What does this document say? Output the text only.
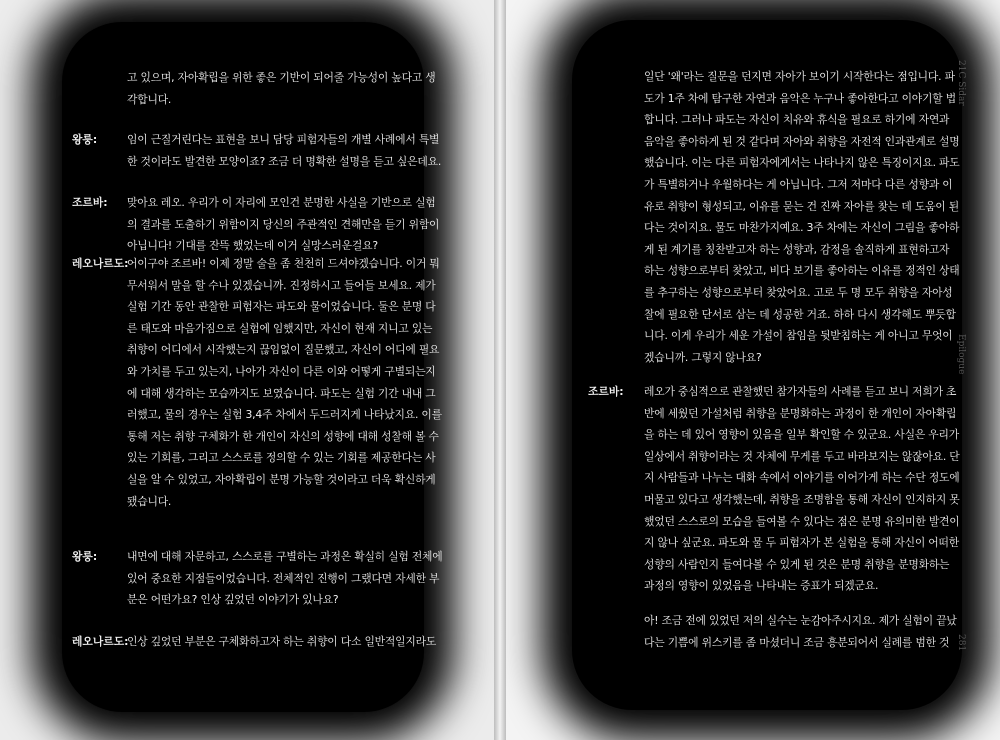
고 있으며, 자아확립을 위한 좋은 기반이 되어줄 가능성이 높다고 생
각합니다.
왕룽:	임이 근질거린다는 표현을 보니 담당 피험자들의 개별 사례에서 특별
한 것이라도 발견한 모양이죠? 조금 더 명확한 설명을 듣고 싶은데요.
조르바: 맞아요 레오. 우리가 이 자리에 모인건 분명한 사실을 기반으로 실험
의 결과를 도출하기 위함이지 당신의 주관적인 견해만을 듣기 위함이
아닙니다! 기대를 잔뜩 했었는데 이거 실망스러운걸요?
레오나르도:
어이구야 조르바! 이제 정말 술을 좀 천천히 드셔야겠습니다. 이거 뭐
무서워서 말을 할 수나 있겠습니까. 진정하시고 들어들 보세요. 제가
실험 기간 동안 관찰한 피험자는 파도와 물이었습니다. 둘은 분명 다
른 태도와 마음가짐으로 실험에 임했지만, 자신이 현재 지니고 있는
취향이 어디에서 시작했는지 끊임없이 질문했고, 자신이 어디에 필요
와 가치를 두고 있는지, 나아가 자신이 다른 이와 어떻게 구별되는지
에 대해 생각하는 모습까지도 보였습니다. 파도는 실험 기간 내내 그
러했고, 물의 경우는 실험 3,4주 차에서 두드러지게 나타났지요. 이를
통해 저는 취향 구체화가 한 개인이 자신의 성향에 대해 성찰해 볼 수
있는 기회를, 그리고 스스로를 정의할 수 있는 기회를 제공한다는 사
실을 알 수 있었고, 자아확립이 분명 가능할 것이라고 더욱 확신하게
됐습니다.
왕룽:	내면에 대해 자문하고, 스스로를 구별하는 과정은 확실히 실험 전체에
있어 중요한 지점들이었습니다. 전체적인 진행이 그랬다면 자세한 부
분은 어떤가요? 인상 깊었던 이야기가 있나요?
레오나르도:
인상 깊었던 부분은 구체화하고자 하는 취향이 다소 일반적일지라도
일단 '왜'라는 질문을 던지면 자아가 보이기 시작한다는 점입니다. 파
도가 1주 차에 탐구한 자연과 음악은 누구나 좋아한다고 이야기할 법
합니다. 그러나 파도는 자신이 치유와 휴식을 필요로 하기에 자연과
음악을 좋아하게 된 것 같다며 자아와 취향을 자전적 인과관계로 설명
했습니다. 이는 다른 피험자에게서는 나타나지 않은 특징이지요. 파도
가 특별하거나 우월하다는 게 아닙니다. 그저 저마다 다른 성향과 이
유로 취향이 형성되고, 이유를 묻는 건 진짜 자아를 찾는 데 도움이 된
다는 것이지요. 물도 마찬가지예요. 3주 차에는 자신이 그림을 좋아하
게 된 계기를 칭찬받고자 하는 성향과, 감정을 솔직하게 표현하고자
하는 성향으로부터 찾았고, 비다 보기를 좋아하는 이유를 정적인 상태
를 추구하는 성향으로부터 찾았어요. 고로 두 명 모두 취향을 자아성
찰에 필요한 단서로 삼는 데 성공한 거죠. 하하 다시 생각해도 뿌듯합
니다. 이게 우리가 세운 가설이 참임을 뒷받침하는 게 아니고 무엇이
겠습니까. 그렇지 않나요?
조르바: 레오가 중심적으로 관찰했던 참가자들의 사례를 듣고 보니 저희가 초
반에 세웠던 가설처럼 취향을 분명화하는 과정이 한 개인이 자아확립
을 하는 데 있어 영향이 있음을 일부 확인할 수 있군요. 사실은 우리가
일상에서 취향이라는 것 자체에 무게를 두고 바라보지는 않잖아요. 단
지 사람들과 나누는 대화 속에서 이야기를 이어가게 하는 수단 정도에
머물고 있다고 생각했는데, 취향을 조명함을 통해 자신이 인지하지 못
했었던 스스로의 모습을 들여볼 수 있다는 점은 분명 유의미한 발견이
지 않나 싶군요. 파도와 물 두 피험자가 본 실험을 통해 자신이 어떠한
성향의 사람인지 들여다볼 수 있게 된 것은 분명 취향을 분명화하는
과정의 영향이 있었음을 나타내는 증표가 되겠군요.
아! 조금 전에 있었던 저의 실수는 눈감아주시지요. 제가 실험이 끝났
다는 기쁨에 위스키를 좀 마셨더니 조금 흥분되어서 실례를 범한 것
21C Sidar
Epilogue
281
